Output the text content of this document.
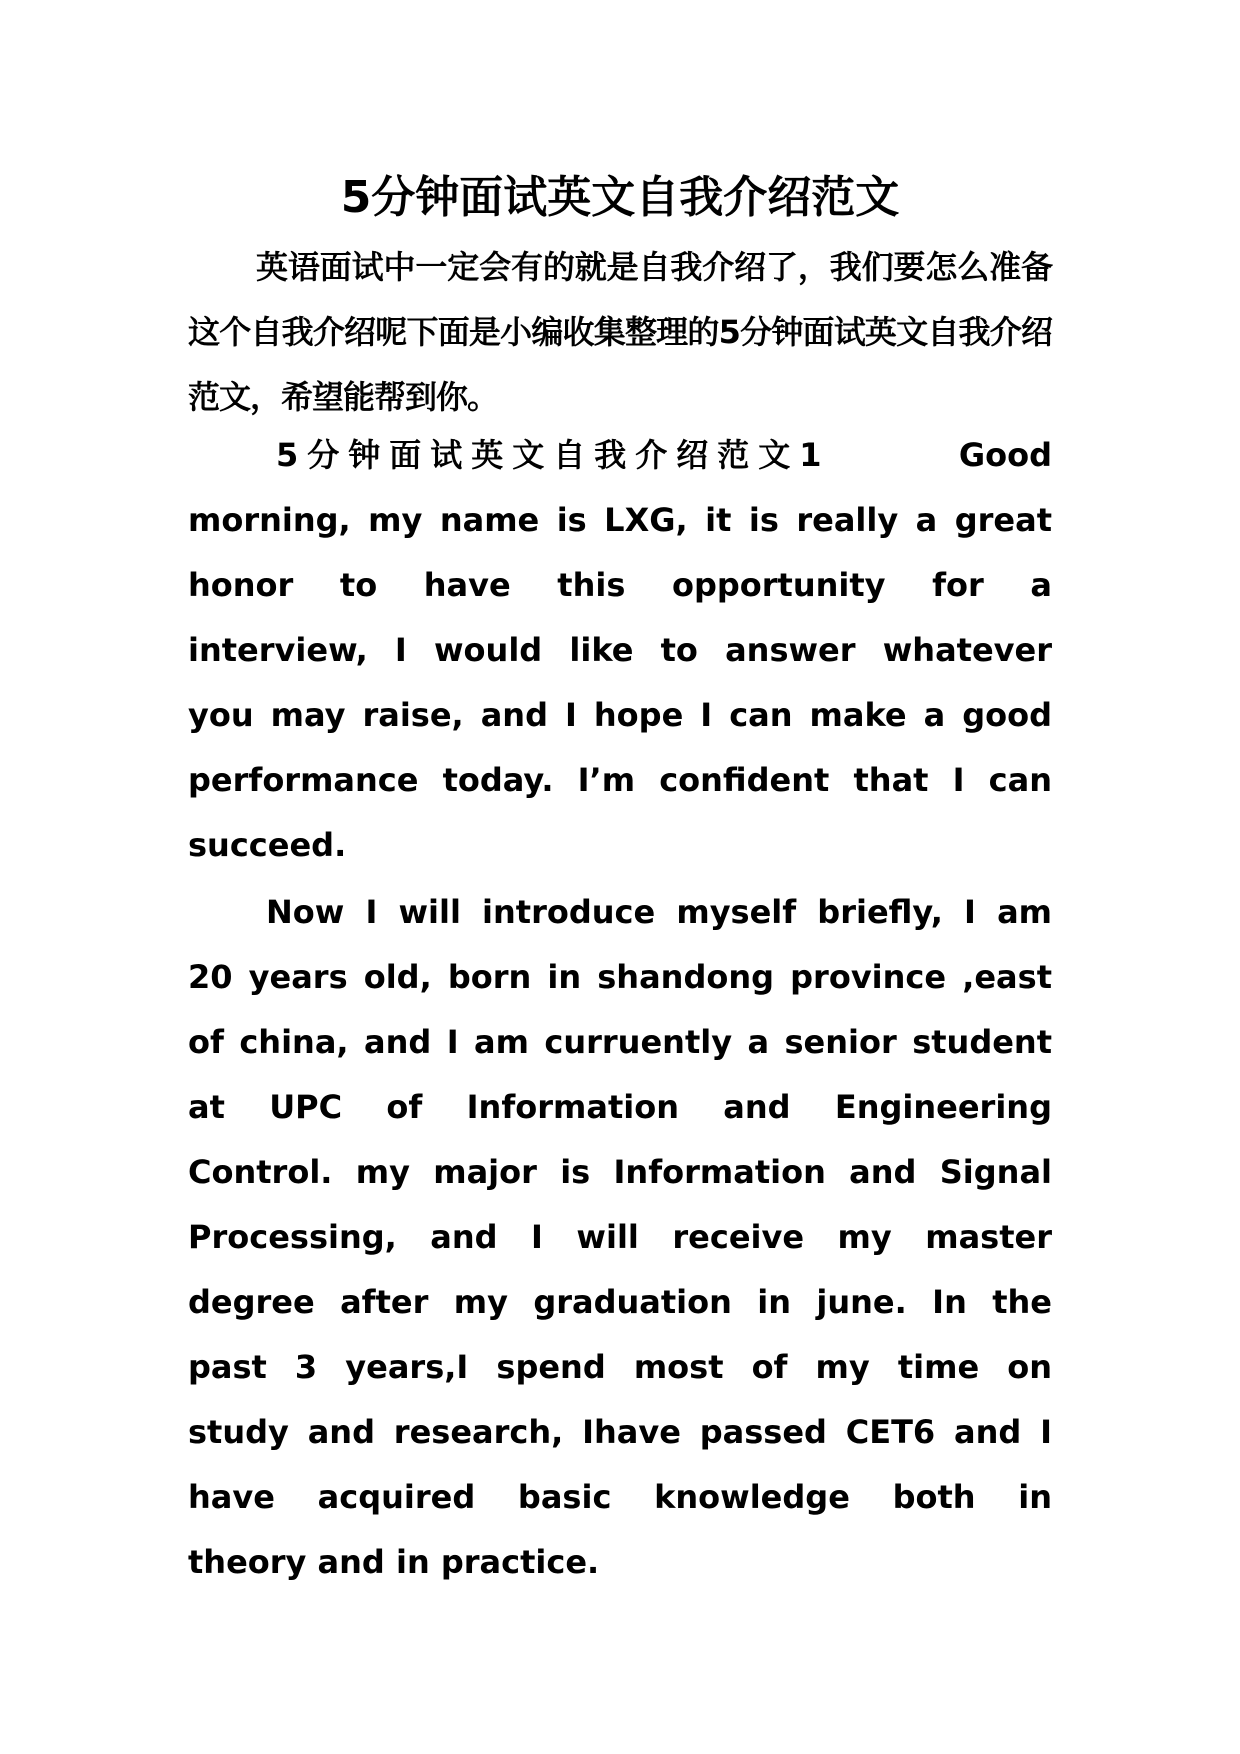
5分钟面试英文自我介绍范文

英语面试中一定会有的就是自我介绍了，我们要怎么准备这个自我介绍呢下面是小编收集整理的5分钟面试英文自我介绍范文，希望能帮到你。

5分钟面试英文自我介绍范文1	Good
morning, my name is LXG, it is really a great
honor to have this opportunity for a
interview, I would like to answer whatever
you may raise, and I hope I can make a good
performance today. I’m confident that I can
succeed.
Now I will introduce myself briefly, I am
20 years old, born in shandong province ,east
of china, and I am curruently a senior student
at UPC of Information and Engineering
Control. my major is Information and Signal
Processing, and I will receive my master
degree after my graduation in june. In the
past 3 years,I spend most of my time on
study and research, Ihave passed CET6 and I
have acquired basic knowledge both in
theory and in practice.
